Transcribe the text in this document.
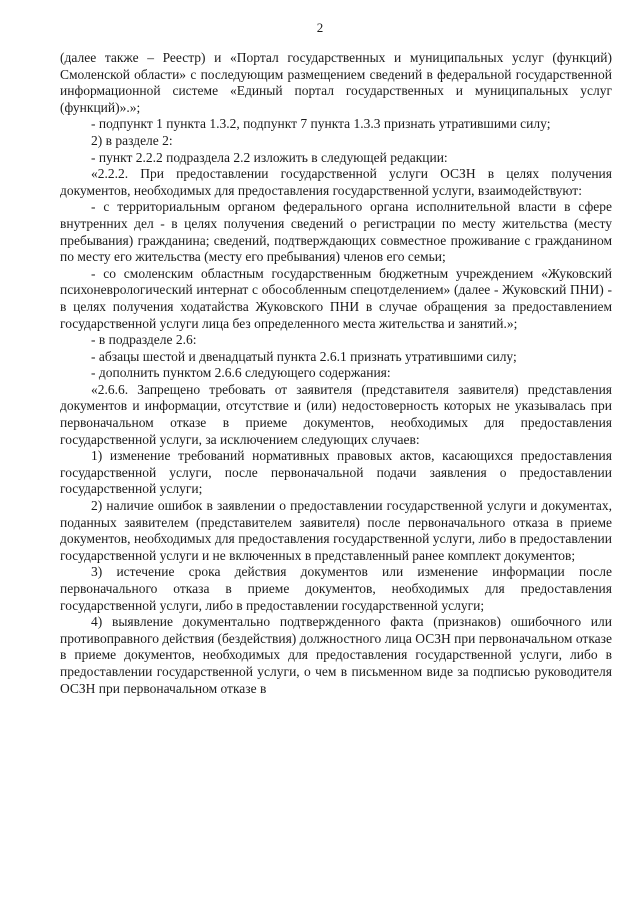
2

(далее также – Реестр) и «Портал государственных и муниципальных услуг (функций) Смоленской области» с последующим размещением сведений в федеральной государственной информационной системе «Единый портал государственных и муниципальных услуг (функций)».»;

- подпункт 1 пункта 1.3.2, подпункт 7 пункта 1.3.3 признать утратившими силу;

2) в разделе 2:

- пункт 2.2.2 подраздела 2.2 изложить в следующей редакции:

«2.2.2. При предоставлении государственной услуги ОСЗН в целях получения документов, необходимых для предоставления государственной услуги, взаимодействуют:

- с территориальным органом федерального органа исполнительной власти в сфере внутренних дел - в целях получения сведений о регистрации по месту жительства (месту пребывания) гражданина; сведений, подтверждающих совместное проживание с гражданином по месту его жительства (месту его пребывания) членов его семьи;

- со смоленским областным государственным бюджетным учреждением «Жуковский психоневрологический интернат с обособленным спецотделением» (далее - Жуковский ПНИ) - в целях получения ходатайства Жуковского ПНИ в случае обращения за предоставлением государственной услуги лица без определенного места жительства и занятий.»;

- в подразделе 2.6:

- абзацы шестой и двенадцатый пункта 2.6.1 признать утратившими силу;

- дополнить пунктом 2.6.6 следующего содержания:

«2.6.6. Запрещено требовать от заявителя (представителя заявителя) представления документов и информации, отсутствие и (или) недостоверность которых не указывалась при первоначальном отказе в приеме документов, необходимых для предоставления государственной услуги, за исключением следующих случаев:

1) изменение требований нормативных правовых актов, касающихся предоставления государственной услуги, после первоначальной подачи заявления о предоставлении государственной услуги;

2) наличие ошибок в заявлении о предоставлении государственной услуги и документах, поданных заявителем (представителем заявителя) после первоначального отказа в приеме документов, необходимых для предоставления государственной услуги, либо в предоставлении государственной услуги и не включенных в представленный ранее комплект документов;

3) истечение срока действия документов или изменение информации после первоначального отказа в приеме документов, необходимых для предоставления государственной услуги, либо в предоставлении государственной услуги;

4) выявление документально подтвержденного факта (признаков) ошибочного или противоправного действия (бездействия) должностного лица ОСЗН при первоначальном отказе в приеме документов, необходимых для предоставления государственной услуги, либо в предоставлении государственной услуги, о чем в письменном виде за подписью руководителя ОСЗН при первоначальном отказе в
